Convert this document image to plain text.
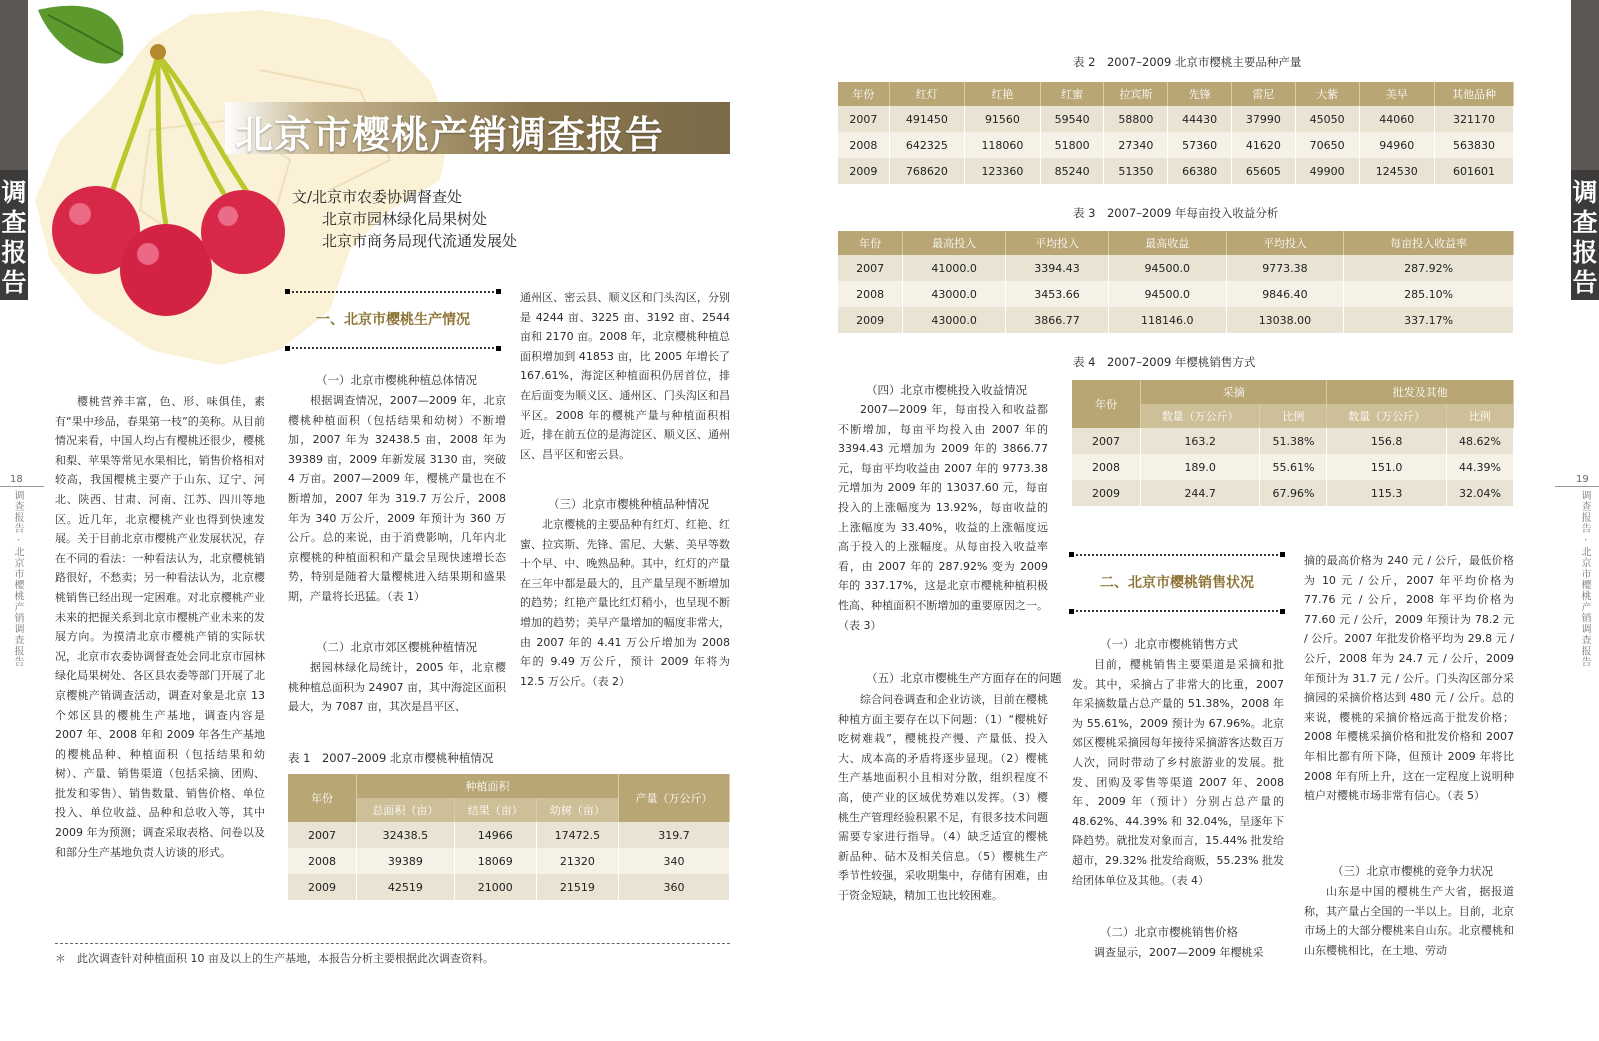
调查报告
调查报告
18
调查报告 · 北京市樱桃产销调查报告
19
调查报告 · 北京市樱桃产销调查报告
北京市樱桃产销调查报告
文/北京市农委协调督查处
北京市园林绿化局果树处
北京市商务局现代流通发展处
一、北京市樱桃生产情况

樱桃营养丰富，色、形、味俱佳，素有“果中珍品，春果第一枝”的美称。从目前情况来看，中国人均占有樱桃还很少，樱桃和梨、苹果等常见水果相比，销售价格相对较高，我国樱桃主要产于山东、辽宁、河北、陕西、甘肃、河南、江苏、四川等地区。近几年，北京樱桃产业也得到快速发展。关于目前北京市樱桃产业发展状况，存在不同的看法：一种看法认为，北京樱桃销路很好，不愁卖；另一种看法认为，北京樱桃销售已经出现一定困难。对北京樱桃产业未来的把握关系到北京市樱桃产业未来的发展方向。为摸清北京市樱桃产销的实际状况，北京市农委协调督查处会同北京市园林绿化局果树处、各区县农委等部门开展了北京樱桃产销调查活动，调查对象是北京 13 个郊区县的樱桃生产基地，调查内容是 2007 年、2008 年和 2009 年各生产基地的樱桃品种、种植面积（包括结果和幼树）、产量、销售渠道（包括采摘、团购、批发和零售）、销售数量、销售价格、单位投入、单位收益、品种和总收入等，其中 2009 年为预测；调查采取表格、问卷以及和部分生产基地负责人访谈的形式。

（一）北京市樱桃种植总体情况

根据调查情况，2007—2009 年，北京樱桃种植面积（包括结果和幼树）不断增加，2007 年为 32438.5 亩，2008 年为 39389 亩，2009 年新发展 3130 亩，突破 4 万亩。2007—2009 年，樱桃产量也在不断增加，2007 年为 319.7 万公斤，2008 年为 340 万公斤，2009 年预计为 360 万公斤。总的来说，由于消费影响，几年内北京樱桃的种植面积和产量会呈现快速增长态势，特别是随着大量樱桃进入结果期和盛果期，产量将长迅猛。（表 1）

（二）北京市郊区樱桃种植情况

据园林绿化局统计，2005 年，北京樱桃种植总面积为 24907 亩，其中海淀区面积最大，为 7087 亩，其次是昌平区、

通州区、密云县、顺义区和门头沟区，分别是 4244 亩、3225 亩、3192 亩、2544 亩和 2170 亩。2008 年，北京樱桃种植总面积增加到 41853 亩，比 2005 年增长了 167.61%，海淀区种植面积仍居首位，排在后面变为顺义区、通州区、门头沟区和昌平区。2008 年的樱桃产量与种植面积相近，排在前五位的是海淀区、顺义区、通州区、昌平区和密云县。

（三）北京市樱桃种植品种情况

北京樱桃的主要品种有红灯、红艳、红蜜、拉宾斯、先锋、雷尼、大紫、美早等数十个早、中、晚熟品种。其中，红灯的产量在三年中都是最大的，且产量呈现不断增加的趋势；红艳产量比红灯稍小，也呈现不断增加的趋势；美早产量增加的幅度非常大，由 2007 年的 4.41 万公斤增加为 2008 年的 9.49 万公斤，预计 2009 年将为 12.5 万公斤。（表 2）

表 1　2007–2009 北京市樱桃种植情况
年份	种植面积			产量（万公斤）
	总面积（亩）	结果（亩）	幼树（亩）	
2007	32438.5	14966	17472.5	319.7
2008	39389	18069	21320	340
2009	42519	21000	21519	360
＊　此次调查针对种植面积 10 亩及以上的生产基地，本报告分析主要根据此次调查资料。
表 2　2007–2009 北京市樱桃主要品种产量
年份	红灯	红艳	红蜜	拉宾斯	先锋	雷尼	大紫	美早	其他品种
2007	491450	91560	59540	58800	44430	37990	45050	44060	321170
2008	642325	118060	51800	27340	57360	41620	70650	94960	563830
2009	768620	123360	85240	51350	66380	65605	49900	124530	601601
表 3　2007–2009 年每亩投入收益分析
年份	最高投入	平均投入	最高收益	平均投入	每亩投入收益率
2007	41000.0	3394.43	94500.0	9773.38	287.92%
2008	43000.0	3453.66	94500.0	9846.40	285.10%
2009	43000.0	3866.77	118146.0	13038.00	337.17%
表 4　2007–2009 年樱桃销售方式
年份	采摘		批发及其他	
	数量（万公斤）	比例	数量（万公斤）	比例
2007	163.2	51.38%	156.8	48.62%
2008	189.0	55.61%	151.0	44.39%
2009	244.7	67.96%	115.3	32.04%
（四）北京市樱桃投入收益情况

2007—2009 年，每亩投入和收益都不断增加，每亩平均投入由 2007 年的 3394.43 元增加为 2009 年的 3866.77 元，每亩平均收益由 2007 年的 9773.38 元增加为 2009 年的 13037.60 元，每亩投入的上涨幅度为 13.92%，每亩收益的上涨幅度为 33.40%，收益的上涨幅度远高于投入的上涨幅度。从每亩投入收益率看，由 2007 年的 287.92% 变为 2009 年的 337.17%，这是北京市樱桃种植积极性高、种植面积不断增加的重要原因之一。（表 3）

（五）北京市樱桃生产方面存在的问题

综合问卷调查和企业访谈，目前在樱桃种植方面主要存在以下问题：（1）“樱桃好吃树难栽”，樱桃投产慢、产量低、投入大、成本高的矛盾将逐步显现。（2）樱桃生产基地面积小且相对分散，组织程度不高，使产业的区域优势难以发挥。（3）樱桃生产管理经验积累不足，有很多技术问题需要专家进行指导。（4）缺乏适宜的樱桃新品种、砧木及相关信息。（5）樱桃生产季节性较强，采收期集中，存储有困难，由于资金短缺，精加工也比较困难。

二、北京市樱桃销售状况
（一）北京市樱桃销售方式

目前，樱桃销售主要渠道是采摘和批发。其中，采摘占了非常大的比重，2007 年采摘数量占总产量的 51.38%，2008 年为 55.61%，2009 预计为 67.96%。北京郊区樱桃采摘园每年接待采摘游客达数百万人次，同时带动了乡村旅游业的发展。批发、团购及零售等渠道 2007 年、2008 年、2009 年（预计）分别占总产量的 48.62%、44.39% 和 32.04%，呈逐年下降趋势。就批发对象而言，15.44% 批发给超市，29.32% 批发给商贩，55.23% 批发给团体单位及其他。（表 4）

（二）北京市樱桃销售价格

调查显示，2007—2009 年樱桃采

摘的最高价格为 240 元 / 公斤，最低价格为 10 元 / 公斤，2007 年平均价格为 77.76 元 / 公斤，2008 年平均价格为 77.60 元 / 公斤，2009 年预计为 78.2 元 / 公斤。2007 年批发价格平均为 29.8 元 / 公斤，2008 年为 24.7 元 / 公斤，2009 年预计为 31.7 元 / 公斤。门头沟区部分采摘园的采摘价格达到 480 元 / 公斤。总的来说，樱桃的采摘价格远高于批发价格；2008 年樱桃采摘价格和批发价格和 2007 年相比都有所下降，但预计 2009 年将比 2008 年有所上升，这在一定程度上说明种植户对樱桃市场非常有信心。（表 5）

（三）北京市樱桃的竞争力状况

山东是中国的樱桃生产大省，据报道称，其产量占全国的一半以上。目前，北京市场上的大部分樱桃来自山东。北京樱桃和山东樱桃相比，在土地、劳动
